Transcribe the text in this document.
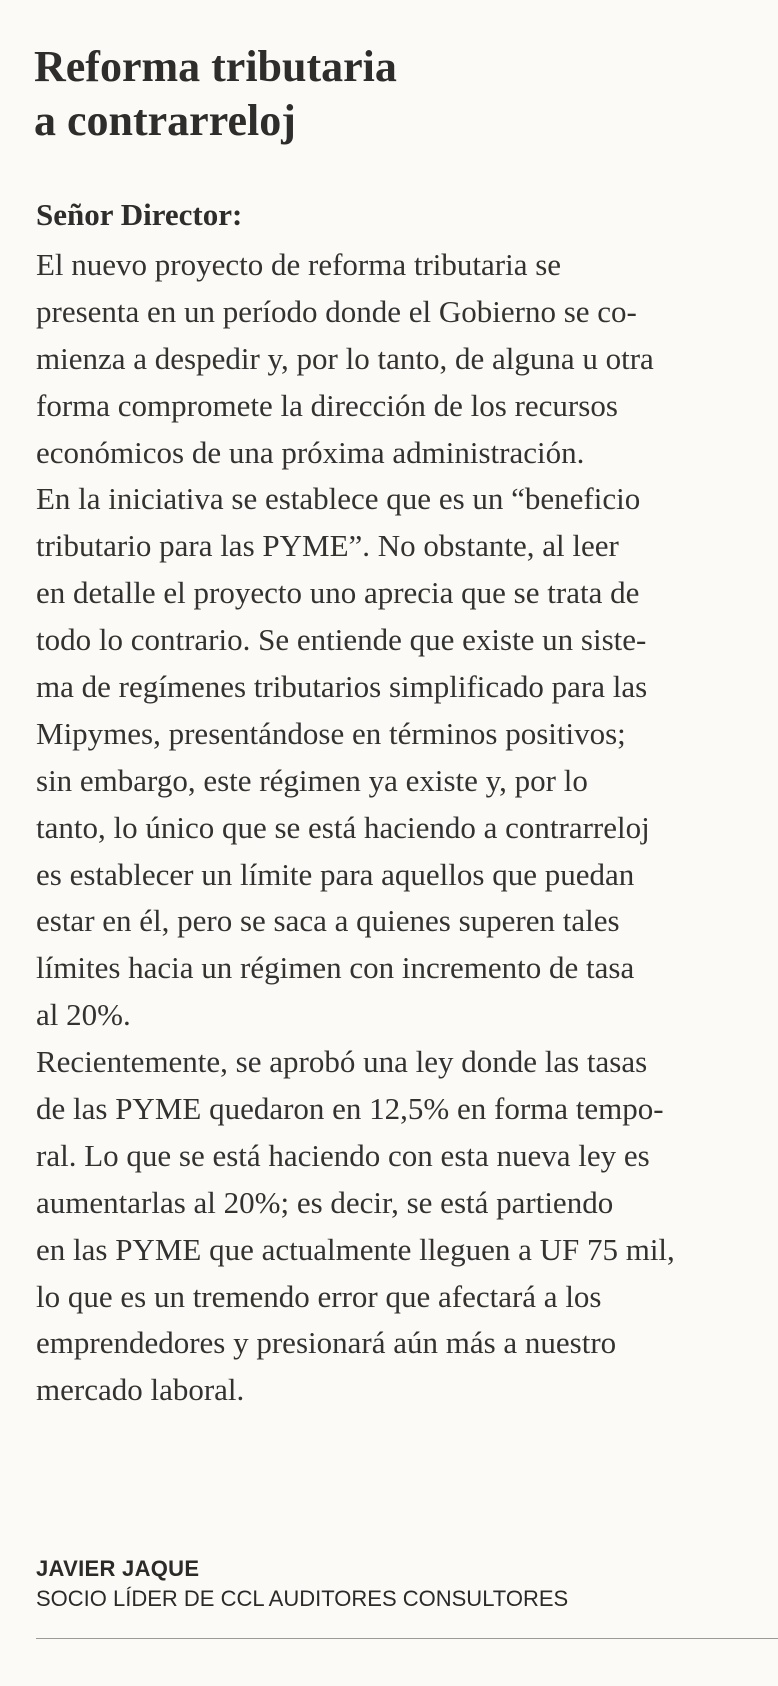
Reforma tributaria
a contrarreloj
Señor Director:
El nuevo proyecto de reforma tributaria se
presenta en un período donde el Gobierno se co-
mienza a despedir y, por lo tanto, de alguna u otra
forma compromete la dirección de los recursos
económicos de una próxima administración.
En la iniciativa se establece que es un “beneficio
tributario para las PYME”. No obstante, al leer
en detalle el proyecto uno aprecia que se trata de
todo lo contrario. Se entiende que existe un siste-
ma de regímenes tributarios simplificado para las
Mipymes, presentándose en términos positivos;
sin embargo, este régimen ya existe y, por lo
tanto, lo único que se está haciendo a contrarreloj
es establecer un límite para aquellos que puedan
estar en él, pero se saca a quienes superen tales
límites hacia un régimen con incremento de tasa
al 20%.
Recientemente, se aprobó una ley donde las tasas
de las PYME quedaron en 12,5% en forma tempo-
ral. Lo que se está haciendo con esta nueva ley es
aumentarlas al 20%; es decir, se está partiendo
en las PYME que actualmente lleguen a UF 75 mil,
lo que es un tremendo error que afectará a los
emprendedores y presionará aún más a nuestro
mercado laboral.
JAVIER JAQUE
SOCIO LÍDER DE CCL AUDITORES CONSULTORES
